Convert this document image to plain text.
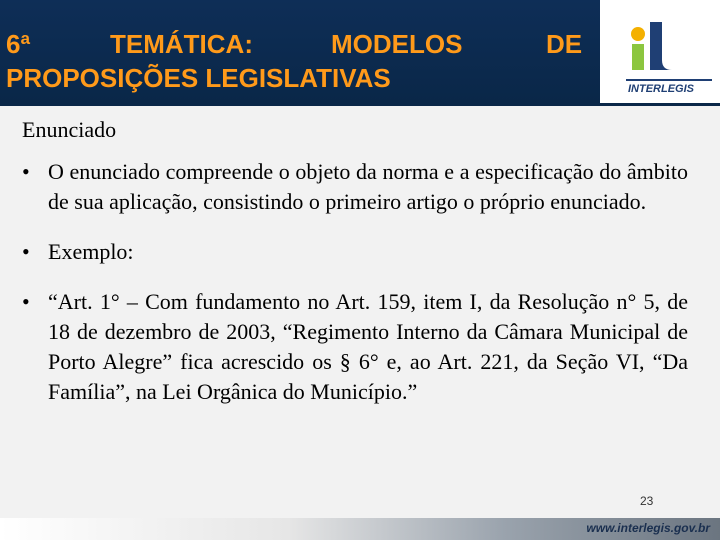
6ª	TEMÁTICA:	MODELOS	DE
PROPOSIÇÕES LEGISLATIVAS	INTERLEGIS
Enunciado
• O enunciado compreende o objeto da norma e a especificação do âmbito de sua aplicação, consistindo o primeiro artigo o próprio enunciado.
• Exemplo:
• “Art. 1° – Com fundamento no Art. 159, item I, da Resolução n° 5, de 18 de dezembro de 2003, “Regimento Interno da Câmara Municipal de Porto Alegre” fica acrescido os § 6° e, ao Art. 221, da Seção VI, “Da Família”, na Lei Orgânica do Município.”
23
www.interlegis.gov.br
